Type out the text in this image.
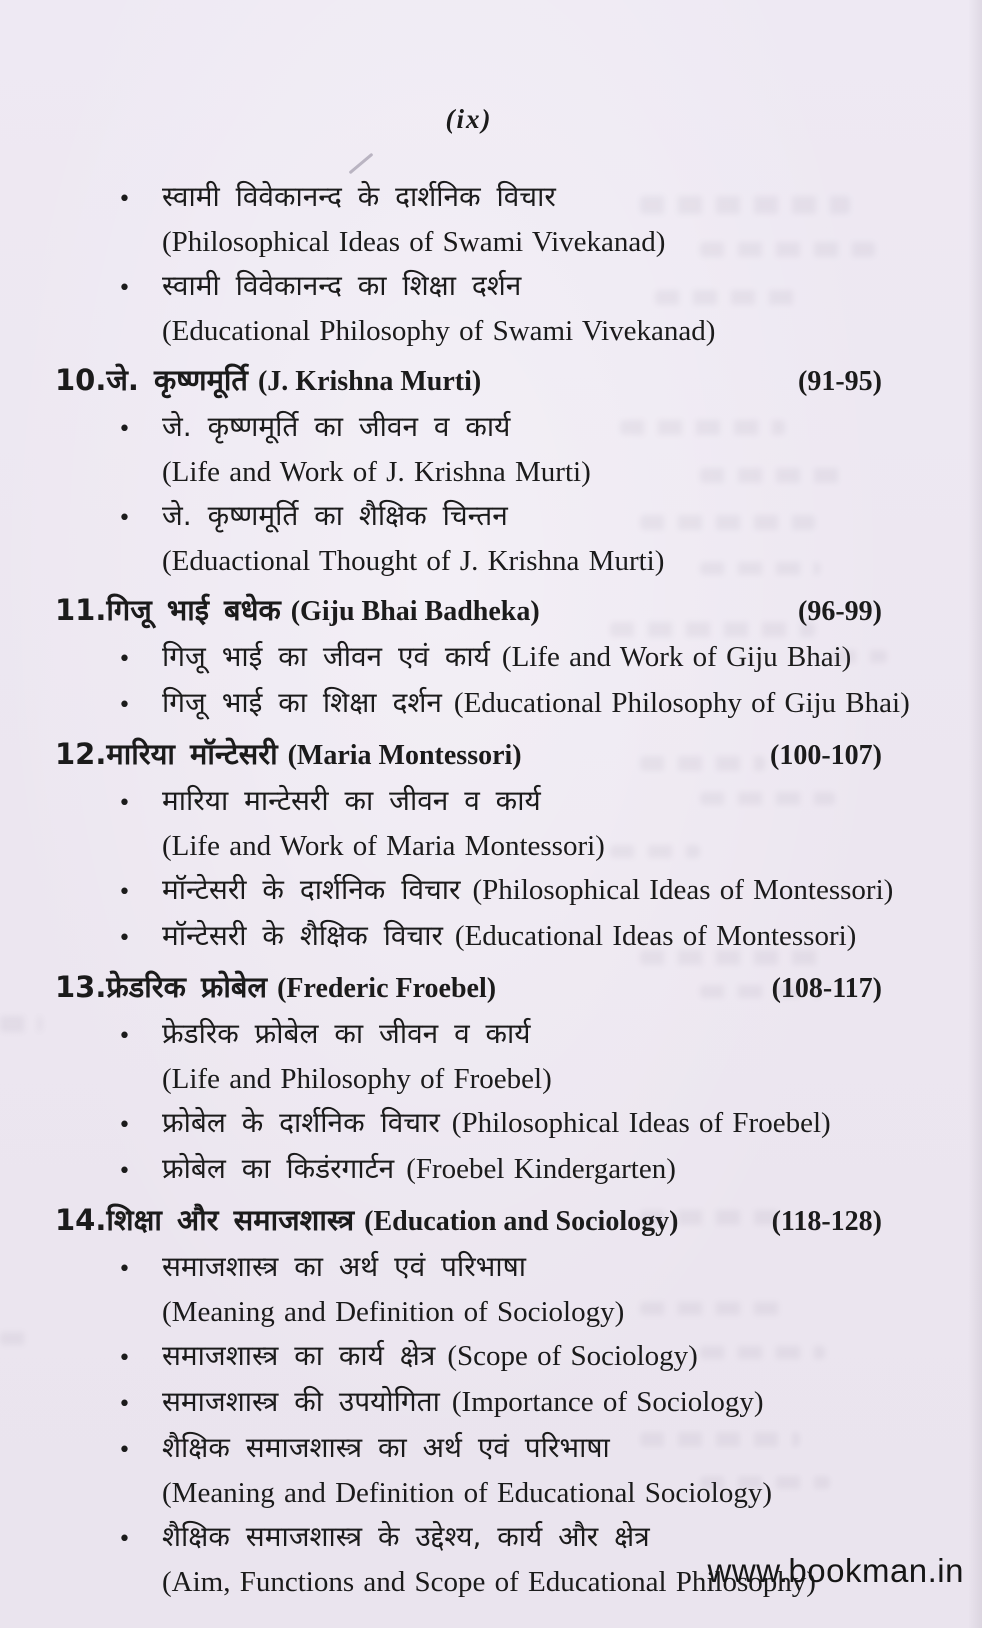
(ix)
•	स्वामी विवेकानन्द के दार्शनिक विचार
(Philosophical Ideas of Swami Vivekanad)
•	स्वामी विवेकानन्द का शिक्षा दर्शन
(Educational Philosophy of Swami Vivekanad)
10. जे. कृष्णमूर्ति (J. Krishna Murti)	(91-95)
•	जे. कृष्णमूर्ति का जीवन व कार्य
(Life and Work of J. Krishna Murti)
•	जे. कृष्णमूर्ति का शैक्षिक चिन्तन
(Eduactional Thought of J. Krishna Murti)
11. गिजू भाई बधेक (Giju Bhai Badheka)	(96-99)
•	गिजू भाई का जीवन एवं कार्य (Life and Work of Giju Bhai)
•	गिजू भाई का शिक्षा दर्शन (Educational Philosophy of Giju Bhai)
12. मारिया मॉन्टेसरी (Maria Montessori)	(100-107)
•	मारिया मान्टेसरी का जीवन व कार्य
(Life and Work of Maria Montessori)
•	मॉन्टेसरी के दार्शनिक विचार (Philosophical Ideas of Montessori)
•	मॉन्टेसरी के शैक्षिक विचार (Educational Ideas of Montessori)
13. फ्रेडरिक फ्रोबेल (Frederic Froebel)	(108-117)
•	फ्रेडरिक फ्रोबेल का जीवन व कार्य
(Life and Philosophy of Froebel)
•	फ्रोबेल के दार्शनिक विचार (Philosophical Ideas of Froebel)
•	फ्रोबेल का किडंरगार्टन (Froebel Kindergarten)
14. शिक्षा और समाजशास्त्र (Education and Sociology)	(118-128)
•	समाजशास्त्र का अर्थ एवं परिभाषा
(Meaning and Definition of Sociology)
•	समाजशास्त्र का कार्य क्षेत्र (Scope of Sociology)
•	समाजशास्त्र की उपयोगिता (Importance of Sociology)
•	शैक्षिक समाजशास्त्र का अर्थ एवं परिभाषा
(Meaning and Definition of Educational Sociology)
•	शैक्षिक समाजशास्त्र के उद्देश्य, कार्य और क्षेत्र
(Aim, Functions and Scope of Educational Philosophy)
www.bookman.in
